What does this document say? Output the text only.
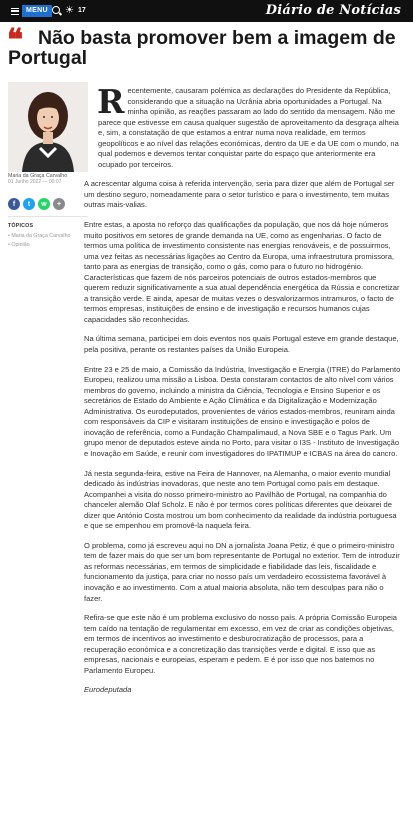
MENU	☀ 17	Diário de Notícias
❝ Não basta promover bem a imagem de Portugal
Maria da Graça Carvalho
01 Junho 2022 — 00:07
f	t	w	+
TÓPICOS
• Maria da Graça Carvalho
• Opinião

Recentemente, causaram polémica as declarações do Presidente da República, considerando que a situação na Ucrânia abria oportunidades a Portugal. Na minha opinião, as reações passaram ao lado do sentido da mensagem. Não me parece que estivesse em causa qualquer sugestão de aproveitamento da desgraça alheia e, sim, a constatação de que estamos a entrar numa nova realidade, em termos geopolíticos e ao nível das relações económicas, dentro da UE e da UE com o mundo, na qual podemos e devemos tentar conquistar parte do espaço que anteriormente era ocupado por terceiros.

A acrescentar alguma coisa à referida intervenção, seria para dizer que além de Portugal ser um destino seguro, nomeadamente para o setor turístico e para o investimento, tem muitas outras mais-valias.

Entre estas, a aposta no reforço das qualificações da população, que nos dá hoje números muito positivos em setores de grande demanda na UE, como as engenharias. O facto de termos uma política de investimento consistente nas energias renováveis, e de possuirmos, uma vez feitas as necessárias ligações ao Centro da Europa, uma infraestrutura promissora, tanto para as energias de transição, como o gás, como para o futuro no hidrogénio. Características que fazem de nós parceiros potenciais de outros estados-membros que querem reduzir significativamente a sua atual dependência energética da Rússia e concretizar a transição verde. E ainda, apesar de muitas vezes o desvalorizarmos intramuros, o facto de termos empresas, instituições de ensino e de investigação e recursos humanos cujas capacidades são reconhecidas.

Na última semana, participei em dois eventos nos quais Portugal esteve em grande destaque, pela positiva, perante os restantes países da União Europeia.

Entre 23 e 25 de maio, a Comissão da Indústria, Investigação e Energia (ITRE) do Parlamento Europeu, realizou uma missão a Lisboa. Desta constaram contactos de alto nível com vários membros do governo, incluindo a ministra da Ciência, Tecnologia e Ensino Superior e os secretários de Estado do Ambiente e Ação Climática e da Digitalização e Modernização Administrativa. Os eurodeputados, provenientes de vários estados-membros, reuniram ainda com responsáveis da CIP e visitaram instituições de ensino e investigação e polos de inovação de referência, como a Fundação Champalimaud, a Nova SBE e o Tagus Park. Um grupo menor de deputados esteve ainda no Porto, para visitar o I3S - Instituto de Investigação e Inovação em Saúde, e reunir com investigadores do IPATIMUP e ICBAS na área do cancro.

Já nesta segunda-feira, estive na Feira de Hannover, na Alemanha, o maior evento mundial dedicado às indústrias inovadoras, que neste ano tem Portugal como país em destaque. Acompanhei a visita do nosso primeiro-ministro ao Pavilhão de Portugal, na companhia do chanceler alemão Olaf Scholz. E não é por termos cores políticas diferentes que deixarei de dizer que António Costa mostrou um bom conhecimento da realidade da indústria portuguesa e que se empenhou em promovê-la naquela feira.

O problema, como já escreveu aqui no DN a jornalista Joana Petiz, é que o primeiro-ministro tem de fazer mais do que ser um bom representante de Portugal no exterior. Tem de introduzir as reformas necessárias, em termos de simplicidade e fiabilidade das leis, fiscalidade e funcionamento da justiça, para criar no nosso país um verdadeiro ecossistema favorável à inovação e ao investimento. Com a atual maioria absoluta, não tem desculpas para não o fazer.

Refira-se que este não é um problema exclusivo do nosso país. A própria Comissão Europeia tem caído na tentação de regulamentar em excesso, em vez de criar as condições objetivas, em termos de incentivos ao investimento e desburocratização de processos, para a recuperação económica e a concretização das transições verde e digital. E isso que as empresas, nacionais e europeias, esperam e pedem. E é por isso que nos batemos no Parlamento Europeu.

Eurodeputada
